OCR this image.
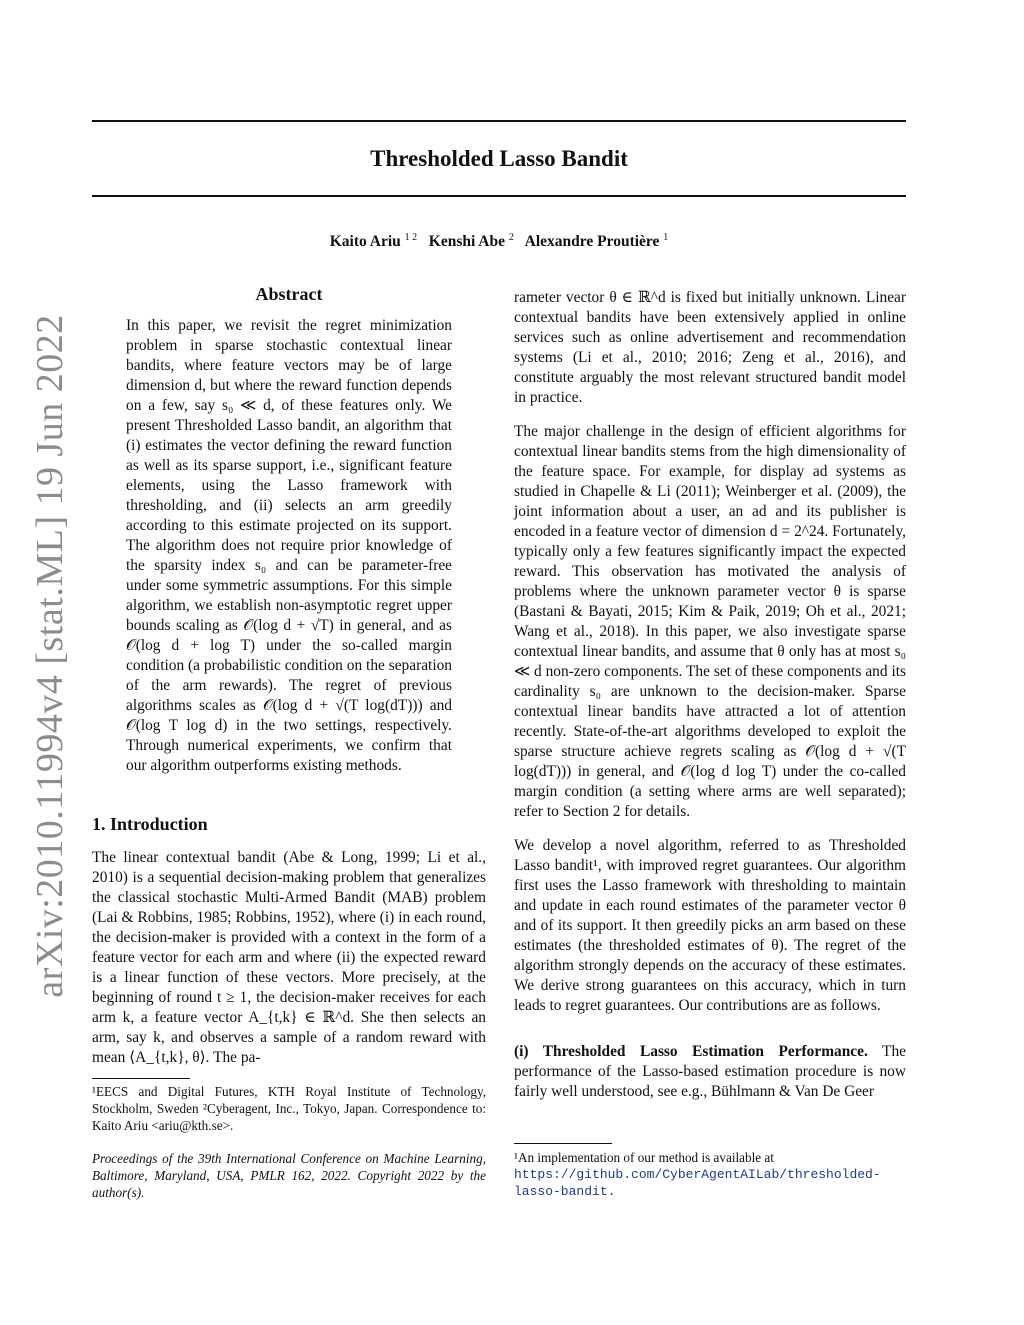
arXiv:2010.11994v4 [stat.ML] 19 Jun 2022
Thresholded Lasso Bandit
Kaito Ariu $^{1 2}$ Kenshi Abe $^2$ Alexandre Proutière $^1$
Abstract

In this paper, we revisit the regret minimization problem in sparse stochastic contextual linear bandits, where feature vectors may be of large dimension d, but where the reward function depends on a few, say s₀ ≪ d, of these features only. We present Thresholded Lasso bandit, an algorithm that (i) estimates the vector defining the reward function as well as its sparse support, i.e., significant feature elements, using the Lasso framework with thresholding, and (ii) selects an arm greedily according to this estimate projected on its support. The algorithm does not require prior knowledge of the sparsity index s₀ and can be parameter-free under some symmetric assumptions. For this simple algorithm, we establish non-asymptotic regret upper bounds scaling as 𝒪(log d + √T) in general, and as 𝒪(log d + log T) under the so-called margin condition (a probabilistic condition on the separation of the arm rewards). The regret of previous algorithms scales as 𝒪(log d + √(T log(dT))) and 𝒪(log T log d) in the two settings, respectively. Through numerical experiments, we confirm that our algorithm outperforms existing methods.

1. Introduction

The linear contextual bandit (Abe & Long, 1999; Li et al., 2010) is a sequential decision-making problem that generalizes the classical stochastic Multi-Armed Bandit (MAB) problem (Lai & Robbins, 1985; Robbins, 1952), where (i) in each round, the decision-maker is provided with a context in the form of a feature vector for each arm and where (ii) the expected reward is a linear function of these vectors. More precisely, at the beginning of round t ≥ 1, the decision-maker receives for each arm k, a feature vector A_{t,k} ∈ ℝ^d. She then selects an arm, say k, and observes a sample of a random reward with mean ⟨A_{t,k}, θ⟩. The pa-

¹EECS and Digital Futures, KTH Royal Institute of Technology, Stockholm, Sweden ²Cyberagent, Inc., Tokyo, Japan. Correspondence to: Kaito Ariu <ariu@kth.se>.

Proceedings of the 39th International Conference on Machine Learning, Baltimore, Maryland, USA, PMLR 162, 2022. Copyright 2022 by the author(s).

rameter vector θ ∈ ℝ^d is fixed but initially unknown. Linear contextual bandits have been extensively applied in online services such as online advertisement and recommendation systems (Li et al., 2010; 2016; Zeng et al., 2016), and constitute arguably the most relevant structured bandit model in practice.

The major challenge in the design of efficient algorithms for contextual linear bandits stems from the high dimensionality of the feature space. For example, for display ad systems as studied in Chapelle & Li (2011); Weinberger et al. (2009), the joint information about a user, an ad and its publisher is encoded in a feature vector of dimension d = 2^24. Fortunately, typically only a few features significantly impact the expected reward. This observation has motivated the analysis of problems where the unknown parameter vector θ is sparse (Bastani & Bayati, 2015; Kim & Paik, 2019; Oh et al., 2021; Wang et al., 2018). In this paper, we also investigate sparse contextual linear bandits, and assume that θ only has at most s₀ ≪ d non-zero components. The set of these components and its cardinality s₀ are unknown to the decision-maker. Sparse contextual linear bandits have attracted a lot of attention recently. State-of-the-art algorithms developed to exploit the sparse structure achieve regrets scaling as 𝒪(log d + √(T log(dT))) in general, and 𝒪(log d log T) under the co-called margin condition (a setting where arms are well separated); refer to Section 2 for details.

We develop a novel algorithm, referred to as Thresholded Lasso bandit¹, with improved regret guarantees. Our algorithm first uses the Lasso framework with thresholding to maintain and update in each round estimates of the parameter vector θ and of its support. It then greedily picks an arm based on these estimates (the thresholded estimates of θ). The regret of the algorithm strongly depends on the accuracy of these estimates. We derive strong guarantees on this accuracy, which in turn leads to regret guarantees. Our contributions are as follows.

(i) Thresholded Lasso Estimation Performance. The performance of the Lasso-based estimation procedure is now fairly well understood, see e.g., Bühlmann & Van De Geer

¹An implementation of our method is available at

https://github.com/CyberAgentAILab/thresholded-lasso-bandit.
